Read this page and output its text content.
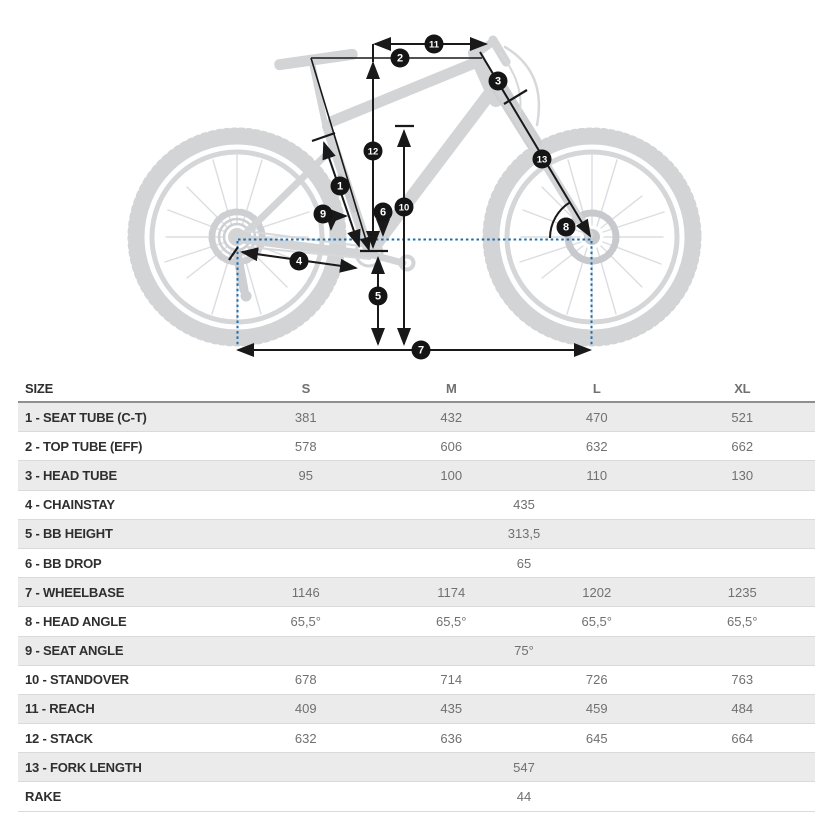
1
2
3
4
5
6
7
8
9
10
11
12
13
SIZE	S	M	L	XL
1 - SEAT TUBE (C-T)	381	432	470	521
2 - TOP TUBE (EFF)	578	606	632	662
3 - HEAD TUBE	95	100	110	130
4 - CHAINSTAY	435
5 - BB HEIGHT	313,5
6 - BB DROP	65
7 - WHEELBASE	1146	1174	1202	1235
8 - HEAD ANGLE	65,5°	65,5°	65,5°	65,5°
9 - SEAT ANGLE	75°
10 - STANDOVER	678	714	726	763
11 - REACH	409	435	459	484
12 - STACK	632	636	645	664
13 - FORK LENGTH	547
RAKE	44
